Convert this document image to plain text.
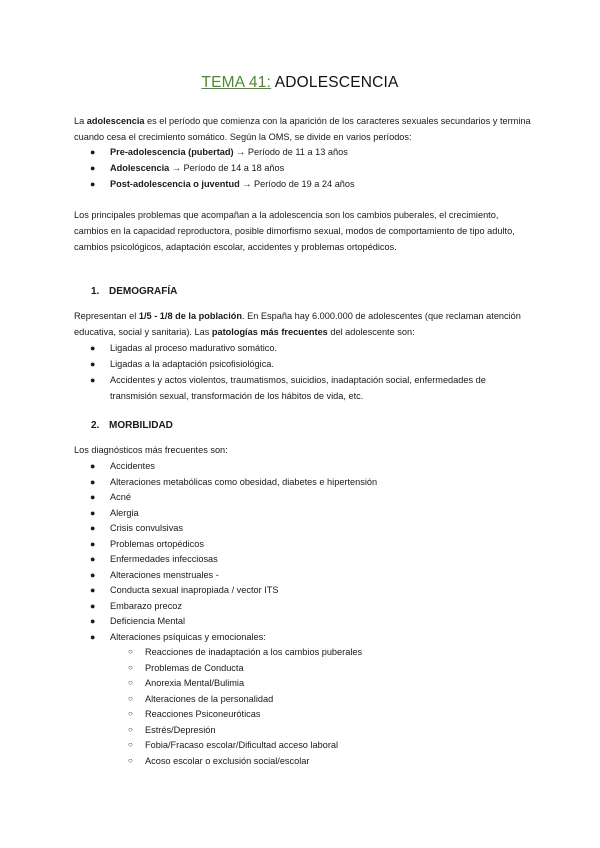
TEMA 41: ADOLESCENCIA
La adolescencia es el período que comienza con la aparición de los caracteres sexuales secundarios y termina cuando cesa el crecimiento somático. Según la OMS, se divide en varios períodos:
●	Pre-adolescencia (pubertad) → Período de 11 a 13 años
●	Adolescencia → Período de 14 a 18 años
●	Post-adolescencia o juventud → Período de 19 a 24 años
Los principales problemas que acompañan a la adolescencia son los cambios puberales, el crecimiento, cambios en la capacidad reproductora, posible dimorfismo sexual, modos de comportamiento de tipo adulto, cambios psicológicos, adaptación escolar, accidentes y problemas ortopédicos.
1. DEMOGRAFÍA
Representan el 1/5 - 1/8 de la población. En España hay 6.000.000 de adolescentes (que reclaman atención educativa, social y sanitaria). Las patologías más frecuentes del adolescente son:
●	Ligadas al proceso madurativo somático.
●	Ligadas a la adaptación psicofisiológica.
●	Accidentes y actos violentos, traumatismos, suicidios, inadaptación social, enfermedades de transmisión sexual, transformación de los hábitos de vida, etc.
2. MORBILIDAD
Los diagnósticos más frecuentes son:
●	Accidentes
●	Alteraciones metabólicas como obesidad, diabetes e hipertensión
●	Acné
●	Alergia
●	Crisis convulsivas
●	Problemas ortopédicos
●	Enfermedades infecciosas
●	Alteraciones menstruales -
●	Conducta sexual inapropiada / vector ITS
●	Embarazo precoz
●	Deficiencia Mental
●	Alteraciones psíquicas y emocionales:
○ Reacciones de inadaptación a los cambios puberales
○ Problemas de Conducta
○ Anorexia Mental/Bulimia
○ Alteraciones de la personalidad
○ Reacciones Psiconeuróticas
○ Estrés/Depresión
○ Fobia/Fracaso escolar/Dificultad acceso laboral
○ Acoso escolar o exclusión social/escolar
